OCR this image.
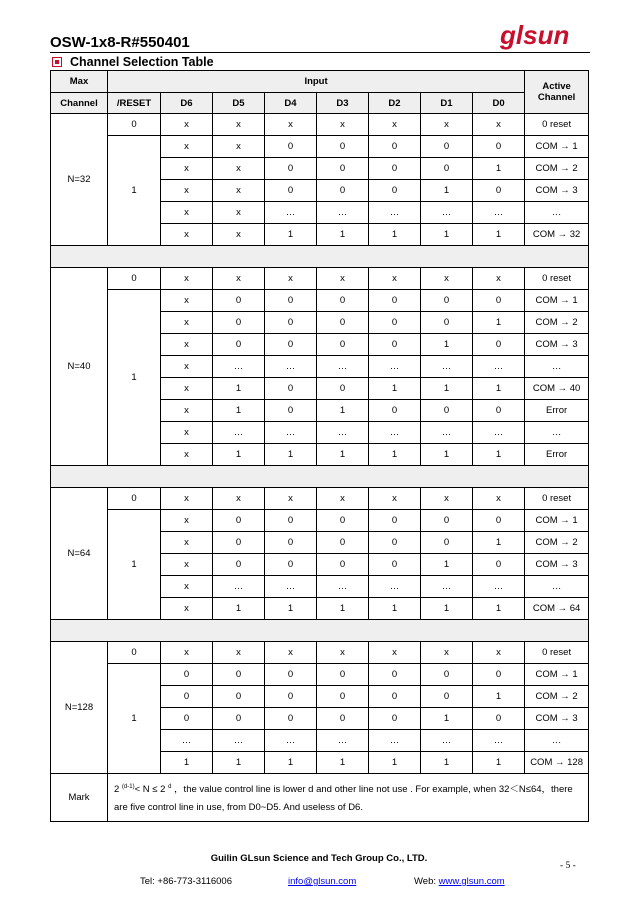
OSW-1x8-R#550401	glsun
Channel Selection Table
Max	Input								Active Channel
Channel	/RESET	D6	D5	D4	D3	D2	D1	D0	
N=32	0	x	x	x	x	x	x	x	0 reset
	1	x	x	0	0	0	0	0	COM → 1
		x	x	0	0	0	0	1	COM → 2
		x	x	0	0	0	1	0	COM → 3
		x	x	…	…	…	…	…	…
		x	x	1	1	1	1	1	COM → 32

N=40	0	x	x	x	x	x	x	x	0 reset
	1	x	0	0	0	0	0	0	COM → 1
		x	0	0	0	0	0	1	COM → 2
		x	0	0	0	0	1	0	COM → 3
		x	…	…	…	…	…	…	…
		x	1	0	0	1	1	1	COM → 40
		x	1	0	1	0	0	0	Error
		x	…	…	…	…	…	…	…
		x	1	1	1	1	1	1	Error

N=64	0	x	x	x	x	x	x	x	0 reset
	1	x	0	0	0	0	0	0	COM → 1
		x	0	0	0	0	0	1	COM → 2
		x	0	0	0	0	1	0	COM → 3
		x	…	…	…	…	…	…	…
		x	1	1	1	1	1	1	COM → 64

N=128	0	x	x	x	x	x	x	x	0 reset
	1	0	0	0	0	0	0	0	COM → 1
		0	0	0	0	0	0	1	COM → 2
		0	0	0	0	0	1	0	COM → 3
		…	…	…	…	…	…	…	…
		1	1	1	1	1	1	1	COM → 128
Mark	2 $^{(d-1)}$< N ≤ 2 $^d$ ，the value control line is lower d and other line not use . For example, when 32＜N≤64，there are five control line in use, from D0~D5. And useless of D6.								
Guilin GLsun Science and Tech Group Co., LTD.
- 5 -
Tel: +86-773-3116006	info@glsun.com	Web: www.glsun.com
